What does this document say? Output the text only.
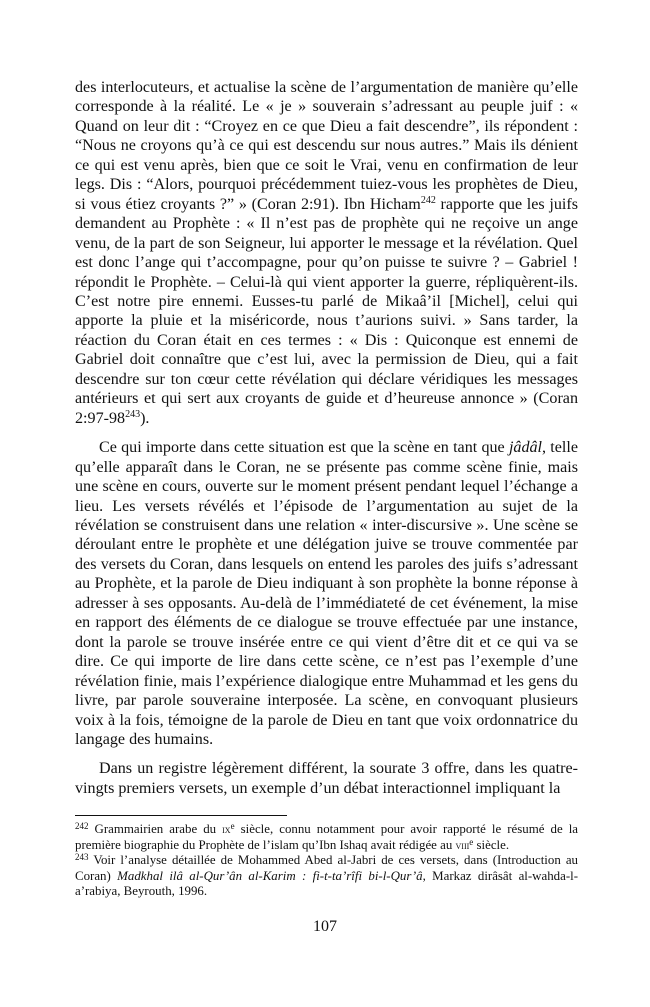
des interlocuteurs, et actualise la scène de l’argumentation de manière qu’elle corresponde à la réalité. Le « je » souverain s’adressant au peuple juif : « Quand on leur dit : “Croyez en ce que Dieu a fait descendre”, ils répondent : “Nous ne croyons qu’à ce qui est descendu sur nous autres.” Mais ils dénient ce qui est venu après, bien que ce soit le Vrai, venu en confirmation de leur legs. Dis : “Alors, pourquoi précédemment tuiez-vous les prophètes de Dieu, si vous étiez croyants ?” » (Coran 2:91). Ibn Hicham$^{242}$ rapporte que les juifs demandent au Prophète : « Il n’est pas de prophète qui ne reçoive un ange venu, de la part de son Seigneur, lui apporter le message et la révélation. Quel est donc l’ange qui t’accompagne, pour qu’on puisse te suivre ? – Gabriel ! répondit le Prophète. – Celui-là qui vient apporter la guerre, répliquèrent-ils. C’est notre pire ennemi. Eusses-tu parlé de Mikaâ’il [Michel], celui qui apporte la pluie et la miséricorde, nous t’aurions suivi. » Sans tarder, la réaction du Coran était en ces termes : « Dis : Quiconque est ennemi de Gabriel doit connaître que c’est lui, avec la permission de Dieu, qui a fait descendre sur ton cœur cette révélation qui déclare véridiques les messages antérieurs et qui sert aux croyants de guide et d’heureuse annonce » (Coran $2:97-98^{243}$).

Ce qui importe dans cette situation est que la scène en tant que jâdâl, telle qu’elle apparaît dans le Coran, ne se présente pas comme scène finie, mais une scène en cours, ouverte sur le moment présent pendant lequel l’échange a lieu. Les versets révélés et l’épisode de l’argumentation au sujet de la révélation se construisent dans une relation « inter-discursive ». Une scène se déroulant entre le prophète et une délégation juive se trouve commentée par des versets du Coran, dans lesquels on entend les paroles des juifs s’adressant au Prophète, et la parole de Dieu indiquant à son prophète la bonne réponse à adresser à ses opposants. Au-delà de l’immédiateté de cet événement, la mise en rapport des éléments de ce dialogue se trouve effectuée par une instance, dont la parole se trouve insérée entre ce qui vient d’être dit et ce qui va se dire. Ce qui importe de lire dans cette scène, ce n’est pas l’exemple d’une révélation finie, mais l’expérience dialogique entre Muhammad et les gens du livre, par parole souveraine interposée. La scène, en convoquant plusieurs voix à la fois, témoigne de la parole de Dieu en tant que voix ordonnatrice du langage des humains.

Dans un registre légèrement différent, la sourate 3 offre, dans les quatre-vingts premiers versets, un exemple d’un débat interactionnel impliquant la

$^{242}$ Grammairien arabe du $ix^e$ siècle, connu notamment pour avoir rapporté le résumé de la première biographie du Prophète de l’islam qu’Ibn Ishaq avait rédigée au viii$^e$ siècle.

$^{243}$ Voir l’analyse détaillée de Mohammed Abed al-Jabri de ces versets, dans (Introduction au Coran) Madkhal ilâ al-Qur’ân al-Karim : fi-t-ta’rîfi bi-l-Qur’â, Markaz dirâsât al-wahda-l-a’rabiya, Beyrouth, 1996.

107
